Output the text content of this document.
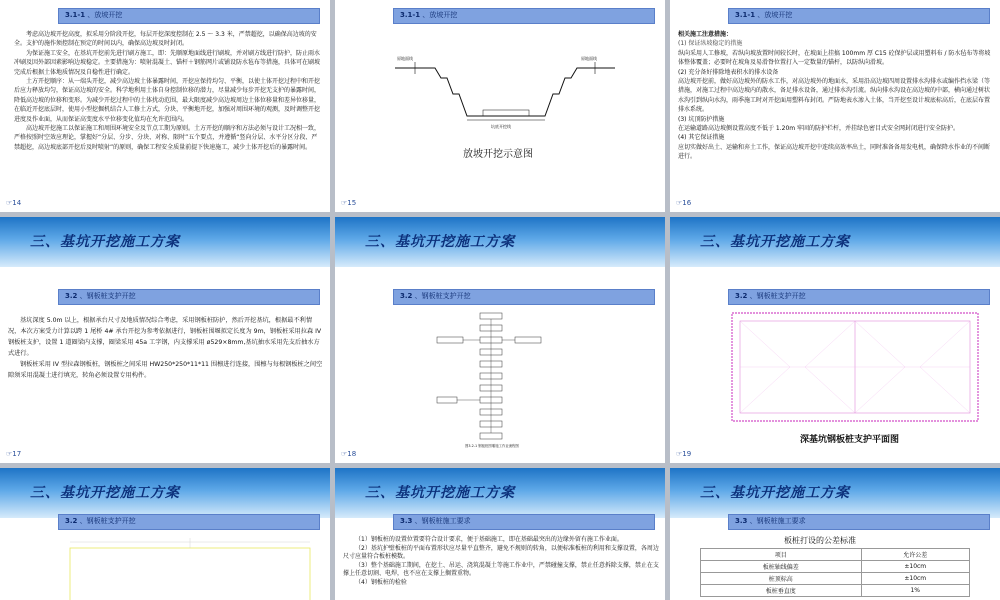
3.1-1 、放坡开挖

考虑高边坡开挖高度，拟采用分阶段开挖，每层开挖深度控制在 2.5 ～ 3.3 米，严禁超挖，以确保高边坡的安全。支护的施作须控制在预定的时间以内，确保高边坡及时封闭。

为保证施工安全，在基坑开挖前先进行刷方施工，即：先顺原地面线进行刷坡，并对刷方线进行防护，防止雨水冲刷及因外部因素影响边坡稳定。主要措施为：喷射混凝土、锚杆＋钢筋网片或铺设防水毡布等措施，具体可在刷坡完成后根据土体地质情况及自稳性进行确定。

土方开挖顺序：从一端头开挖，减少高边坡土体暴露时间，开挖应保持均匀、平衡，以使土体开挖过程中和开挖后应力释放均匀，保证高边坡的安全。科学地利用土体自身控制位移的潜力，尽量减少每步开挖无支护的暴露时间，降低高边坡的位移和变形。为减少开挖过程中的土体扰动范围，最大限度减少高边坡周边土体位移量和差异位移量，在临近开挖底层时，使用小型挖掘机结合人工修土方式，分块、平衡地开挖，加强对周围环境的观测，及时调整开挖进度及作业面，从而保证高变度水平位移变化值均在允许范围内。

高边坡开挖施工以保证施工和周围环境安全及节点工期为原则。土方开挖的顺序和方法必须与设计工况相一致，严格按照时空效应理论，掌握好“分层、分步、分块、对称、限时”五个要点，并遵循“竖向分层、水平分区分段、严禁超挖，高边坡底部开挖后及时喷射”的原则，确保工程安全质量前提下快速施工，减少土体开挖后的暴露时间。

☞14
3.1-1 、放坡开挖
原地面线	原地面线
坑底开挖线
放坡开挖示意图
☞15
3.1-1 、放坡开挖
相关施工注意措施：
(1) 保证纵坡稳定的措施
纵向采用人工修坡，若纵向坡放置时间较长时，在坡面上挂搞 100mm 厚 C15 砼保护层或用塑料布 / 防水毡布等将坡体整体覆盖；必要时在坡角及易滑脊位置打入一定数量的锚杆，以防纵向滑坡。
(2) 充分备好排除地表积水的排水设备
高边坡开挖前，做好高边坡外的防水工作，对高边坡外的地面水，采用沿高边坡四周设置排水沟排水或编作挡水梁（等措施，对施工过程中高边坡内的散水，备足排水设备，通过排水沟引流。纵向排水沟设在高边坡的中部，横向通过树状水沟引到纵向水沟，雨季施工时对开挖面用塑料布封闭。严防地表水渗入土体，当开挖至设计坡底标高后，在底层布置排水系统。
(3) 坑顶防护措施
在运输道路高边坡侧设置高度不低于 1.20m 牢固的防护栏杆，并挂绿色密目式安全网封闭进行安全防护。
(4) 其它保证措施
应切实做好出土、运输和弃土工作，保证高边坡开挖中连续高效率出土，同时准备备用发电机，确保降水作业的不间断进行。
☞16
三、基坑开挖施工方案
3.2 、钢板桩支护开挖

基坑深度 5.0m 以上，根据承台尺寸及地质情况综合考虑，采用钢板桩防护，然后开挖基坑，根据最不利情况，本次方案受力计算以跨 1 尾桥 4# 承台开挖为参考依据进行，钢板桩围堰拟定长度为 9m，钢板桩采用拉森 IV 钢板桩支护，设置 1 道圈梁内支撑，圈梁采用 45a 工字钢，内支撑采用 ø529×8mm,基坑抽水采用先支后抽水方式进行。

钢板桩采用 IV 型拉森钢板桩，钢板桩之间采用 HW250*250*11*11 围檩进行连接，围檩与每根钢板桩之间空隙须采用混凝土进行填充，转角必须设置专用构件。

☞17
三、基坑开挖施工方案
3.2 、钢板桩支护开挖
图3.2-1 钢板桩围堰施工作业流程图
☞18
三、基坑开挖施工方案
3.2 、钢板桩支护开挖
深基坑钢板桩支护平面图
☞19
三、基坑开挖施工方案
3.2 、钢板桩支护开挖
三、基坑开挖施工方案
3.3 、钢板桩施工要求

（1）钢板桩的设置位置要符合设计要求，便于基础施工，即在基础最突出的边缘外留有施工作业面。

（2）基坑护壁板桩的平面布置形状应尽量平直整齐，避免不规则的转角，以便标准板桩的利用和支撑设置，各周边尺寸应量符合板桩模数。

（3）整个基础施工期间，在挖土、吊运、浇筑混凝土等施工作业中，严禁碰撞支撑，禁止任意拆除支撑，禁止在支撑上任意切割、电焊，也不应在支撑上搁置重物。

（4）钢板桩的检验

三、基坑开挖施工方案
3.3 、钢板桩施工要求
板桩打设的公差标准
项目	允许公差
板桩轴线偏差	±10cm
桩顶标高	±10cm
板桩垂直度	1%
